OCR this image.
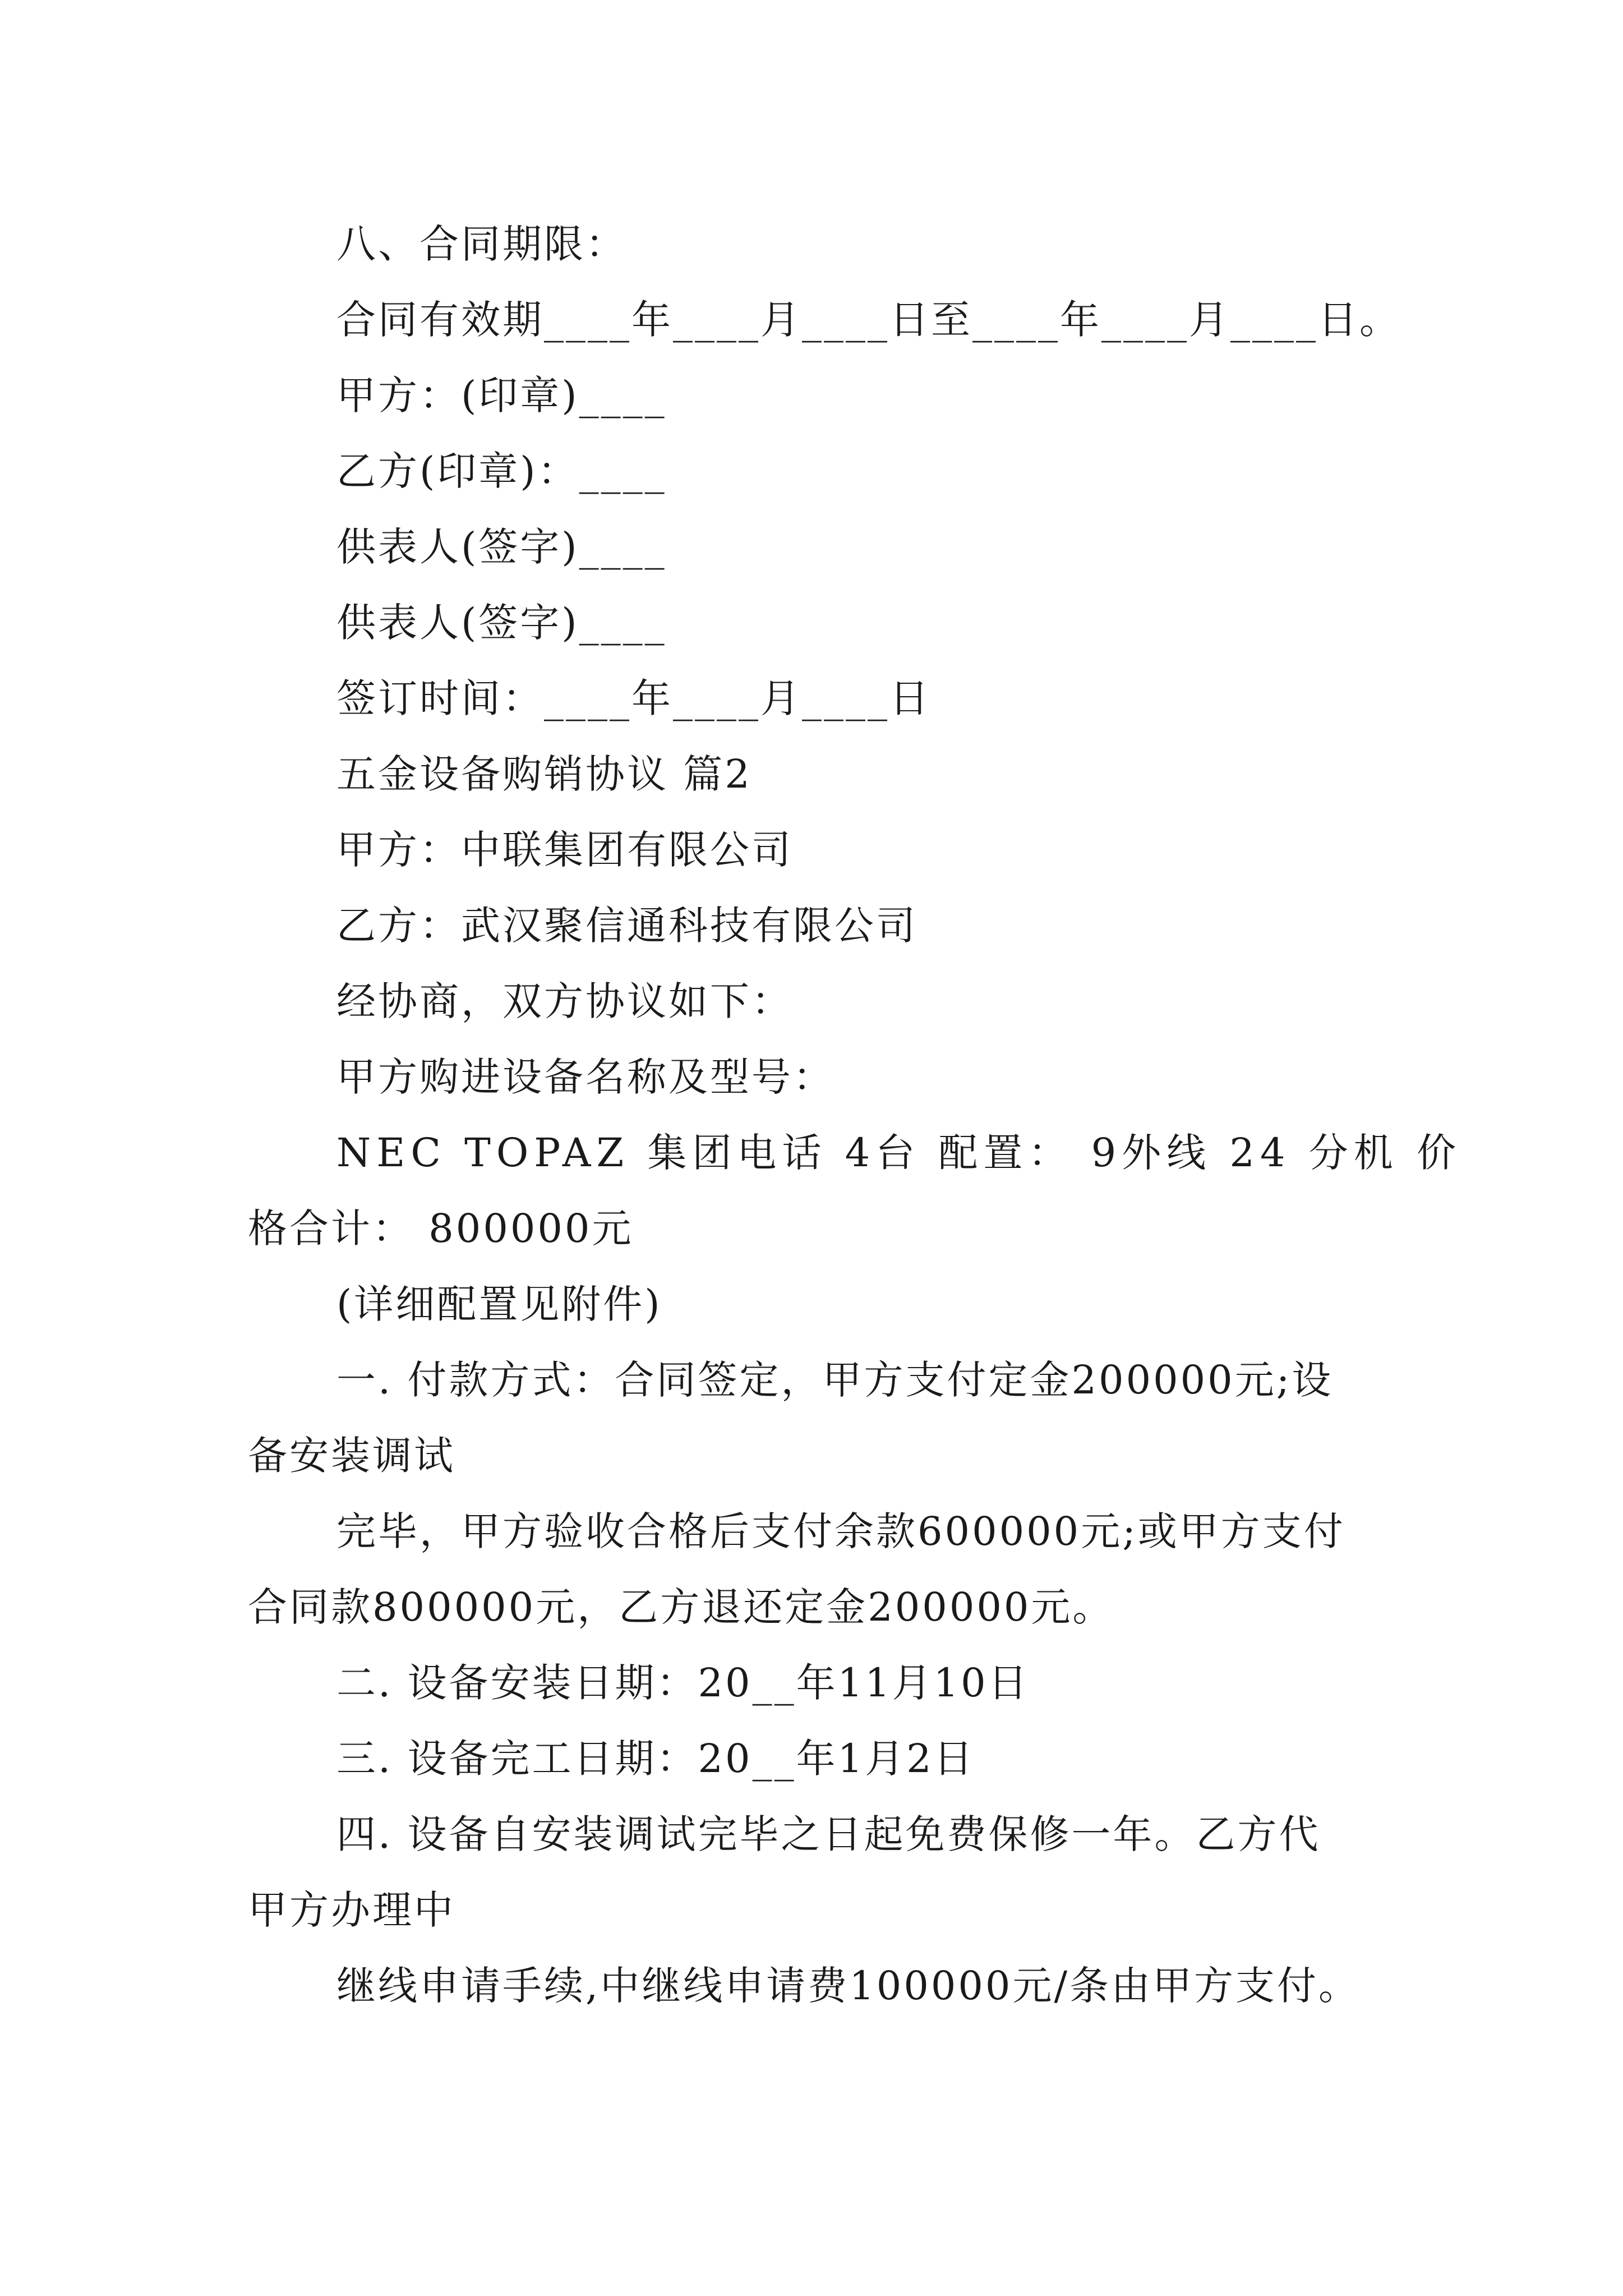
八、合同期限：
合同有效期____年____月____日至____年____月____日。
甲方：(印章)____
乙方(印章)：____
供表人(签字)____
供表人(签字)____
签订时间：____年____月____日
五金设备购销协议 篇2
甲方：中联集团有限公司
乙方：武汉聚信通科技有限公司
经协商，双方协议如下：
甲方购进设备名称及型号：
NEC TOPAZ 集团电话 4台 配置： 9外线 24 分机 价
格合计： 800000元
(详细配置见附件)
一. 付款方式：合同签定，甲方支付定金200000元;设
备安装调试
完毕，甲方验收合格后支付余款600000元;或甲方支付
合同款800000元，乙方退还定金200000元。
二. 设备安装日期：20__年11月10日
三. 设备完工日期：20__年1月2日
四. 设备自安装调试完毕之日起免费保修一年。乙方代
甲方办理中
继线申请手续,中继线申请费100000元/条由甲方支付。
